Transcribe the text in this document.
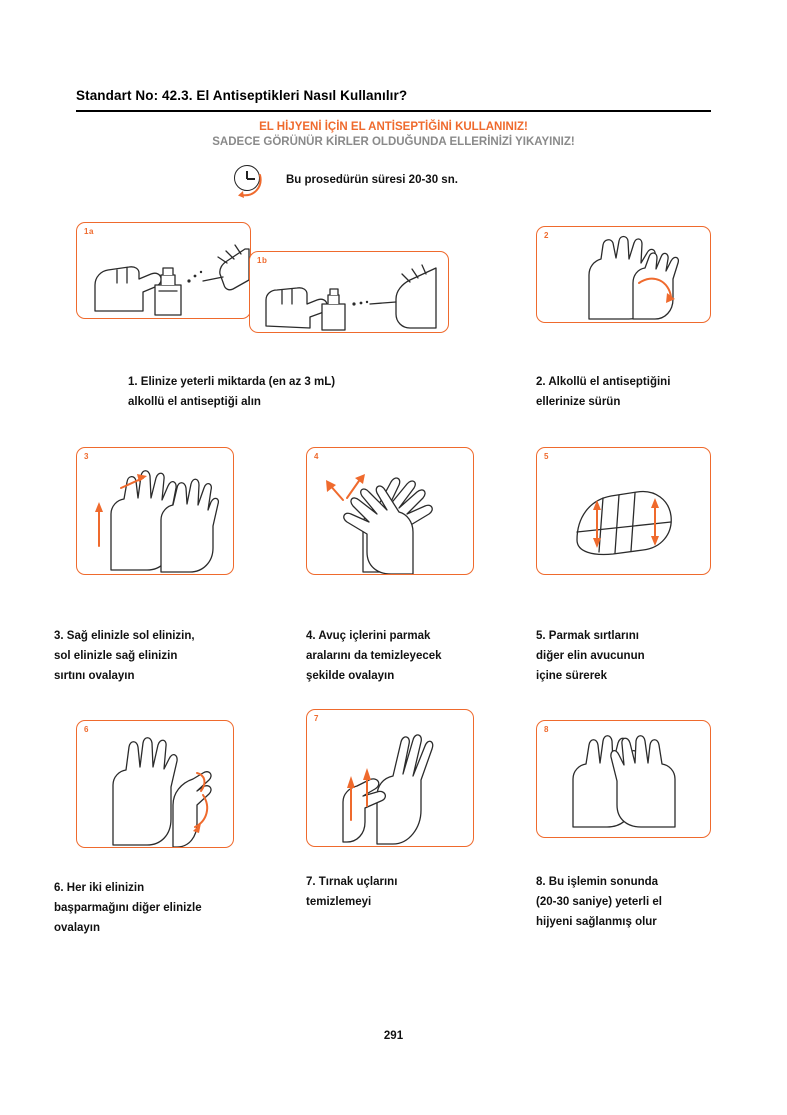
Standart No: 42.3. El Antiseptikleri Nasıl Kullanılır?
EL HİJYENİ İÇİN EL ANTİSEPTİĞİNİ KULLANINIZ!
SADECE GÖRÜNÜR KİRLER OLDUĞUNDA ELLERİNİZİ YIKAYINIZ!
Bu prosedürün süresi 20-30 sn.
1a
1b
2
1. Elinize yeterli miktarda (en az 3 mL)
alkollü el antiseptiği alın
2. Alkollü el antiseptiğini
ellerinize sürün
3	4	5
3. Sağ elinizle sol elinizin,
sol elinizle sağ elinizin
sırtını ovalayın
4. Avuç içlerini parmak
aralarını da temizleyecek
şekilde ovalayın
5. Parmak sırtlarını
diğer elin avucunun
içine sürerek
6
7
8
6. Her iki elinizin
başparmağını diğer elinizle
ovalayın
7. Tırnak uçlarını
temizlemeyi
8. Bu işlemin sonunda
(20-30 saniye) yeterli el
hijyeni sağlanmış olur
291
